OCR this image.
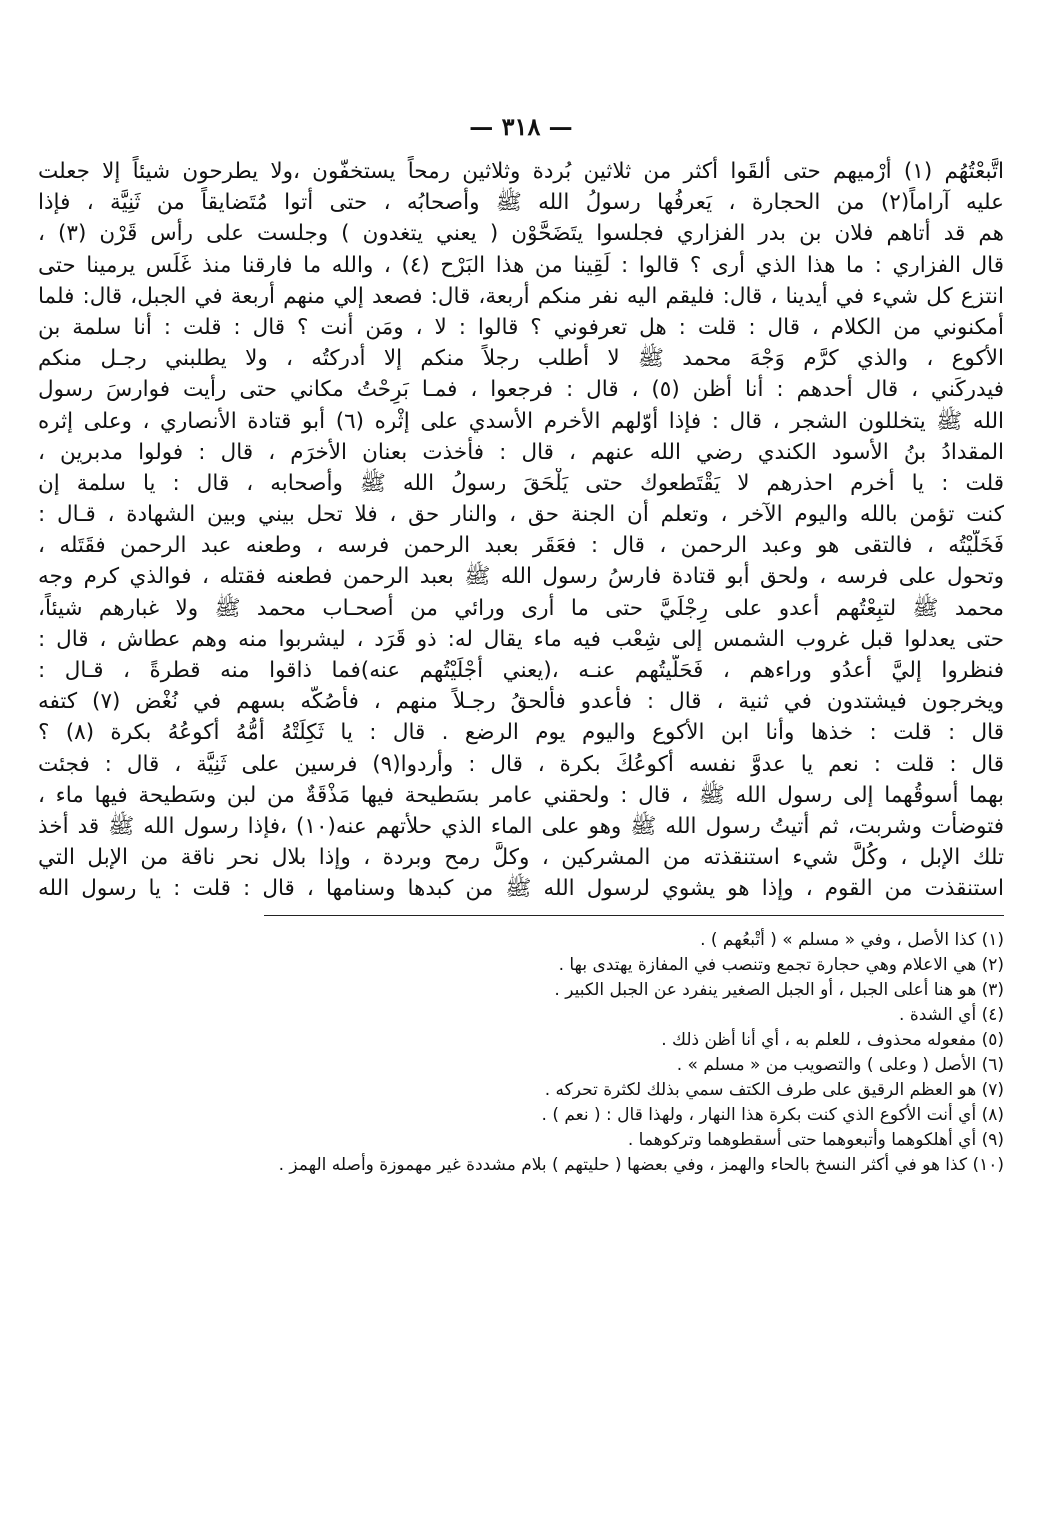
— ٣١٨ —
اتَّبعْتُهُم (١) أرْميهم حتى ألقَوا أكثر من ثلاثين بُردة وثلاثين رمحاً يستخفّون ،ولا يطرحون شيئاً إلا جعلت
عليه آراماً(٢) من الحجارة ، يَعرفُها رسولُ الله ﷺ وأصحابُه ، حتى أتوا مُتَضايقاً من ثَنِيَّة ، فإذا
هم قد أتاهم فلان بن بدر الفزاري فجلسوا يتَضَحَّوْن ( يعني يتغدون ) وجلست على رأس قَرْن (٣) ،
قال الفزاري : ما هذا الذي أرى ؟ قالوا : لَقِينا من هذا البَرْح (٤) ، والله ما فارقنا منذ غَلَس يرمينا حتى
انتزع كل شيء في أيدينا ، قال: فليقم اليه نفر منكم أربعة، قال: فصعد إلي منهم أربعة في الجبل، قال: فلما
أمكنوني من الكلام ، قال : قلت : هل تعرفوني ؟ قالوا : لا ، ومَن أنت ؟ قال : قلت : أنا سلمة بن
الأكوع ، والذي كرَّم وَجْهَ محمد ﷺ لا أطلب رجلاً منكم إلا أدركتُه ، ولا يطلبني رجـل منكم
فيدركَني ، قال أحدهم : أنا أظن (٥) ، قال : فرجعوا ، فمـا بَرِحْتُ مكاني حتى رأيت فوارسَ رسول
الله ﷺ يتخللون الشجر ، قال : فإذا أوّلهم الأخرم الأسدي على إثْره (٦) أبو قتادة الأنصاري ، وعلى إثره
المقدادُ بنُ الأسود الكندي رضي الله عنهم ، قال : فأخذت بعنان الأخرَم ، قال : فولوا مدبرين ،
قلت : يا أخرم احذرهم لا يَقْتَطعوك حتى يَلْحَقَ رسولُ الله ﷺ وأصحابه ، قال : يا سلمة إن
كنت تؤمن بالله واليوم الآخر ، وتعلم أن الجنة حق ، والنار حق ، فلا تحل بيني وبين الشهادة ، قـال :
فَخَلَّيْتُه ، فالتقى هو وعبد الرحمن ، قال : فعَقَر بعبد الرحمن فرسه ، وطعنه عبد الرحمن فقَتَله ،
وتحول على فرسه ، ولحق أبو قتادة فارسُ رسول الله ﷺ بعبد الرحمن فطعنه فقتله ، فوالذي كرم وجه
محمد ﷺ لتبِعْتُهم أعدو على رِجْلَيَّ حتى ما أرى ورائي من أصحـاب محمد ﷺ ولا غبارهم شيئاً،
حتى يعدلوا قبل غروب الشمس إلى شِعْب فيه ماء يقال له: ذو قَرَد ، ليشربوا منه وهم عطاش ، قال :
فنظروا إليَّ أعدُو وراءهم ، فَحَلَّيتُهم عنـه ،(يعني أجْلَيْتُهم عنه)فما ذاقوا منه قطرةً ، قـال :
ويخرجون فيشتدون في ثنية ، قال : فأعدو فألحقُ رجـلاً منهم ، فأصُكُّه بسهم في نُغْض (٧) كتفه
قال : قلت : خذها وأنا ابن الأكوع واليوم يوم الرضع . قال : يا ثَكِلَتْهُ أمُّهُ أكوعُهُ بكرة (٨) ؟
قال : قلت : نعم يا عدوَّ نفسه أكوعُكَ بكرة ، قال : وأردوا(٩) فرسين على ثَنِيَّة ، قال : فجئت
بهما أسوقُهما إلى رسول الله ﷺ ، قال : ولحقني عامر بسَطيحة فيها مَذْقَةٌ من لبن وسَطيحة فيها ماء ،
فتوضأت وشربت، ثم أتيتُ رسول الله ﷺ وهو على الماء الذي حلأتهم عنه(١٠) ،فإذا رسول الله ﷺ قد أخذ
تلك الإبل ، وكُلَّ شيء استنقذته من المشركين ، وكلَّ رمح وبردة ، وإذا بلال نحر ناقة من الإبل التي
استنقذت من القوم ، وإذا هو يشوي لرسول الله ﷺ من كبدها وسنامها ، قال : قلت : يا رسول الله
(١) كذا الأصل ، وفي « مسلم » ( أتْبعُهم ) .
(٢) هي الاعلام وهي حجارة تجمع وتنصب في المفازة يهتدى بها .
(٣) هو هنا أعلى الجبل ، أو الجبل الصغير ينفرد عن الجبل الكبير .
(٤) أي الشدة .
(٥) مفعوله محذوف ، للعلم به ، أي أنا أظن ذلك .
(٦) الأصل ( وعلى ) والتصويب من « مسلم » .
(٧) هو العظم الرقيق على طرف الكتف سمي بذلك لكثرة تحركه .
(٨) أي أنت الأكوع الذي كنت بكرة هذا النهار ، ولهذا قال : ( نعم ) .
(٩) أي أهلكوهما وأتبعوهما حتى أسقطوهما وتركوهما .
(١٠) كذا هو في أكثر النسخ بالحاء والهمز ، وفي بعضها ( حليتهم ) بلام مشددة غير مهموزة وأصله الهمز .
